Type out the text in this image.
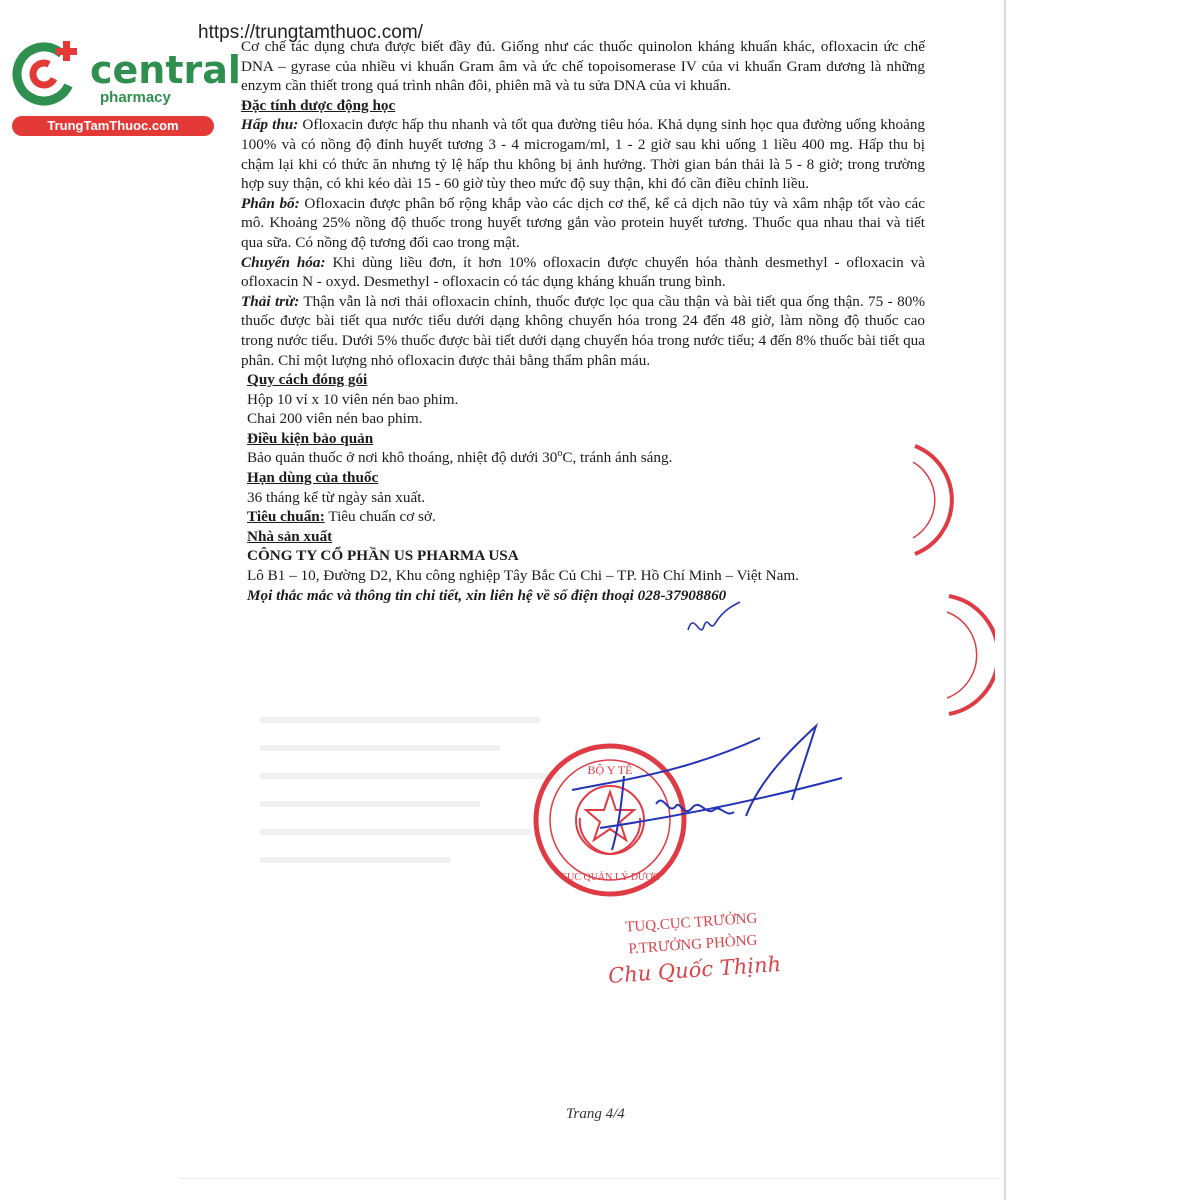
https://trungtamthuoc.com/
central
pharmacy
TrungTamThuoc.com

Cơ chế tác dụng chưa được biết đầy đủ. Giống như các thuốc quinolon kháng khuẩn khác, ofloxacin ức chế DNA – gyrase của nhiều vi khuẩn Gram âm và ức chế topoisomerase IV của vi khuẩn Gram dương là những enzym cần thiết trong quá trình nhân đôi, phiên mã và tu sửa DNA của vi khuẩn.

Đặc tính dược động học

Hấp thu: Ofloxacin được hấp thu nhanh và tốt qua đường tiêu hóa. Khả dụng sinh học qua đường uống khoảng 100% và có nồng độ đỉnh huyết tương 3 - 4 microgam/ml, 1 - 2 giờ sau khi uống 1 liều 400 mg. Hấp thu bị chậm lại khi có thức ăn nhưng tỷ lệ hấp thu không bị ảnh hưởng. Thời gian bán thải là 5 - 8 giờ; trong trường hợp suy thận, có khi kéo dài 15 - 60 giờ tùy theo mức độ suy thận, khi đó cần điều chỉnh liều.

Phân bố: Ofloxacin được phân bố rộng khắp vào các dịch cơ thể, kể cả dịch não tủy và xâm nhập tốt vào các mô. Khoảng 25% nồng độ thuốc trong huyết tương gắn vào protein huyết tương. Thuốc qua nhau thai và tiết qua sữa. Có nồng độ tương đối cao trong mật.

Chuyển hóa: Khi dùng liều đơn, ít hơn 10% ofloxacin được chuyển hóa thành desmethyl - ofloxacin và ofloxacin N - oxyd. Desmethyl - ofloxacin có tác dụng kháng khuẩn trung bình.

Thải trừ: Thận vẫn là nơi thải ofloxacin chính, thuốc được lọc qua cầu thận và bài tiết qua ống thận. 75 - 80% thuốc được bài tiết qua nước tiểu dưới dạng không chuyển hóa trong 24 đến 48 giờ, làm nồng độ thuốc cao trong nước tiểu. Dưới 5% thuốc được bài tiết dưới dạng chuyển hóa trong nước tiểu; 4 đến 8% thuốc bài tiết qua phân. Chỉ một lượng nhỏ ofloxacin được thải bằng thẩm phân máu.

Quy cách đóng gói

Hộp 10 vỉ x 10 viên nén bao phim.

Chai 200 viên nén bao phim.

Điều kiện bảo quản

Bảo quản thuốc ở nơi khô thoáng, nhiệt độ dưới 30$^o$C, tránh ánh sáng.

Hạn dùng của thuốc

36 tháng kể từ ngày sản xuất.

Tiêu chuẩn: Tiêu chuẩn cơ sở.

Nhà sản xuất

CÔNG TY CỔ PHẦN US PHARMA USA

Lô B1 – 10, Đường D2, Khu công nghiệp Tây Bắc Củ Chi – TP. Hồ Chí Minh – Việt Nam.

Mọi thắc mắc và thông tin chi tiết, xin liên hệ về số điện thoại 028-37908860

BỘ Y TẾ
CỤC QUẢN LÝ DƯỢC
TUQ.CỤC TRƯỞNG
P.TRƯỞNG PHÒNG
Chu Quốc Thịnh
Trang 4/4
